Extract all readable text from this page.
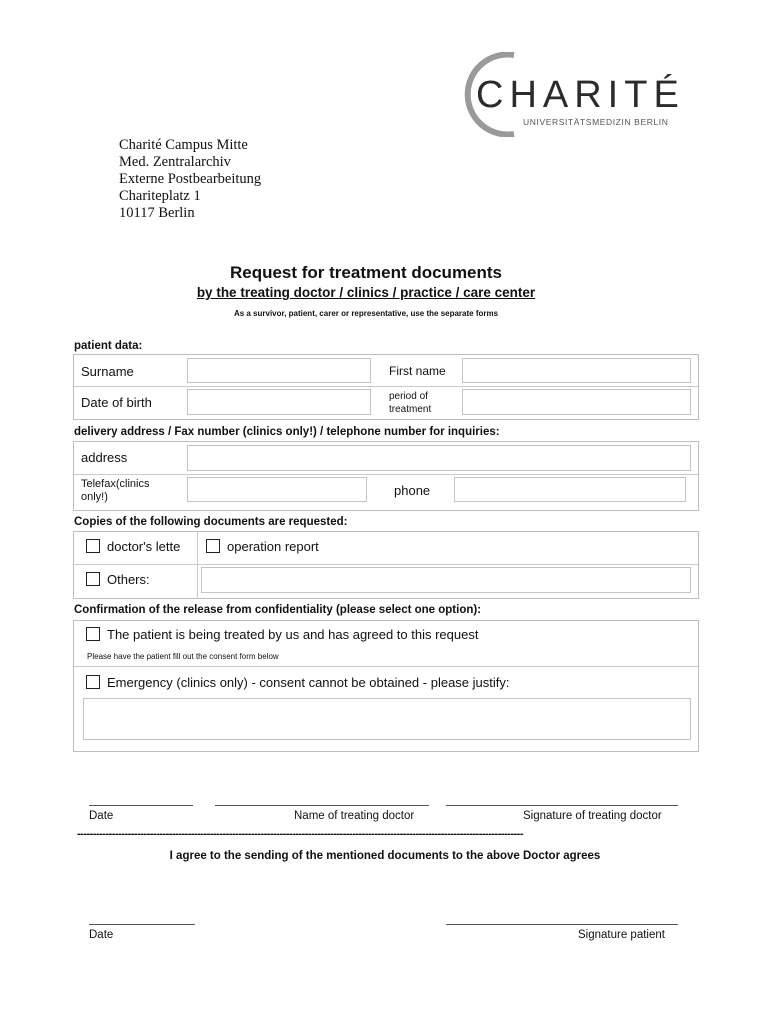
CHARITÉ
UNIVERSITÄTSMEDIZIN BERLIN
Charité Campus Mitte
Med. Zentralarchiv
Externe Postbearbeitung
Chariteplatz 1
10117 Berlin
Request for treatment documents
by the treating doctor / clinics / practice / care center
As a survivor, patient, carer or representative, use the separate forms
patient data:
Surname	First name
Date of birth	period of
treatment
delivery address / Fax number (clinics only!) / telephone number for inquiries:
address
Telefax(clinics
only!)	phone
Copies of the following documents are requested:
doctor's lette	operation report
Others:
Confirmation of the release from confidentiality (please select one option):
The patient is being treated by us and has agreed to this request
Please have the patient fill out the consent form below
Emergency (clinics only) - consent cannot be obtained - please justify:
Date	Name of treating doctor	Signature of treating doctor
---------------------------------------------------------------------------------------------------------------------------------------------
I agree to the sending of the mentioned documents to the above Doctor agrees
Date	Signature patient
